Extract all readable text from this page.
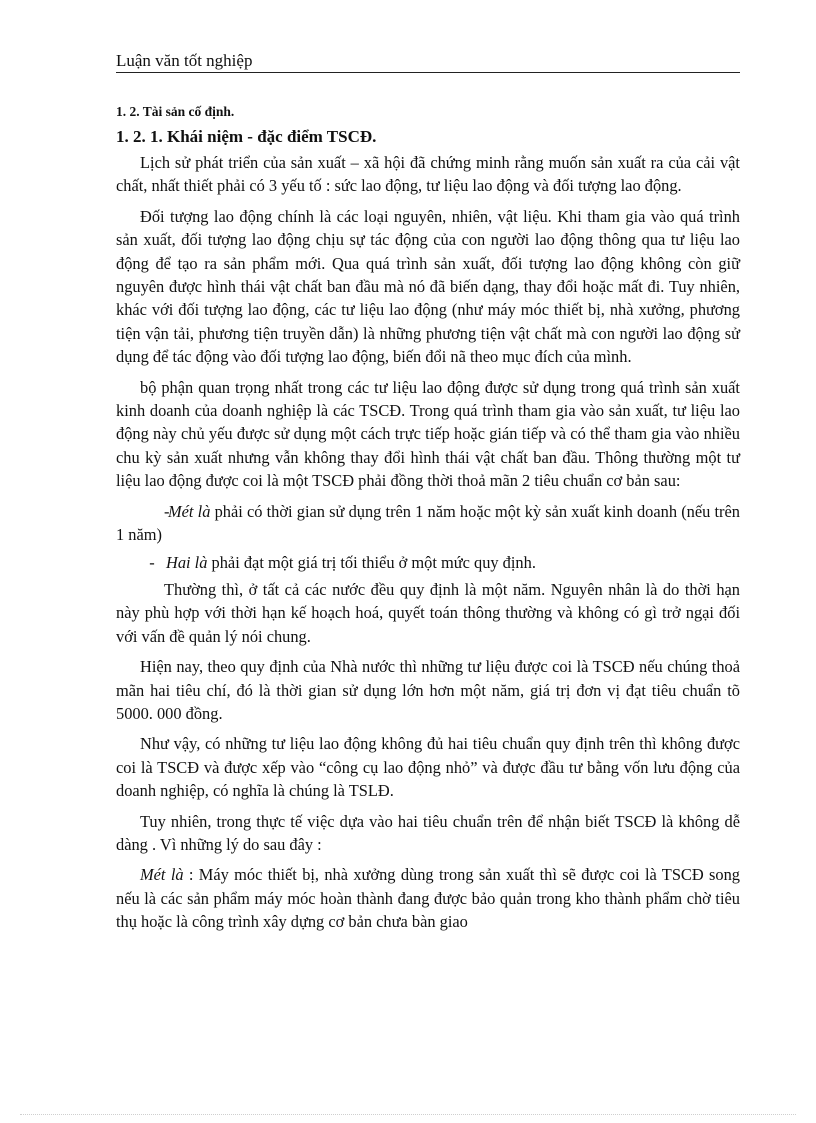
Luận văn tốt nghiệp

1. 2. Tài sản cố định.

1. 2. 1. Khái niệm - đặc điểm TSCĐ.

Lịch sử phát triển của sản xuất – xã hội đã chứng minh rằng muốn sản xuất ra của cải vật chất, nhất thiết phải có 3 yếu tố : sức lao động, tư liệu lao động và đối tượng lao động.

Đối tượng lao động chính là các loại nguyên, nhiên, vật liệu. Khi tham gia vào quá trình sản xuất, đối tượng lao động chịu sự tác động của con người lao động thông qua tư liệu lao động để tạo ra sản phẩm mới. Qua quá trình sản xuất, đối tượng lao động không còn giữ nguyên được hình thái vật chất ban đầu mà nó đã biến dạng, thay đổi hoặc mất đi. Tuy nhiên, khác với đối tượng lao động, các tư liệu lao động (như máy móc thiết bị, nhà xưởng, phương tiện vận tải, phương tiện truyền dẫn) là những phương tiện vật chất mà con người lao động sử dụng để tác động vào đối tượng lao động, biến đổi nã theo mục đích của mình.

bộ phận quan trọng nhất trong các tư liệu lao động được sử dụng trong quá trình sản xuất kinh doanh của doanh nghiệp là các TSCĐ. Trong quá trình tham gia vào sản xuất, tư liệu lao động này chủ yếu được sử dụng một cách trực tiếp hoặc gián tiếp và có thể tham gia vào nhiều chu kỳ sản xuất nhưng vẫn không thay đổi hình thái vật chất ban đầu. Thông thường một tư liệu lao động được coi là một TSCĐ phải đồng thời thoả mãn 2 tiêu chuẩn cơ bản sau:

-Mét là phải có thời gian sử dụng trên 1 năm hoặc một kỳ sản xuất kinh doanh (nếu trên 1 năm)

- Hai là phải đạt một giá trị tối thiểu ở một mức quy định.

Thường thì, ở tất cả các nước đều quy định là một năm. Nguyên nhân là do thời hạn này phù hợp với thời hạn kế hoạch hoá, quyết toán thông thường và không có gì trở ngại đối với vấn đề quản lý nói chung.

Hiện nay, theo quy định của Nhà nước thì những tư liệu được coi là TSCĐ nếu chúng thoả mãn hai tiêu chí, đó là thời gian sử dụng lớn hơn một năm, giá trị đơn vị đạt tiêu chuẩn tõ 5000. 000 đồng.

Như vậy, có những tư liệu lao động không đủ hai tiêu chuẩn quy định trên thì không được coi là TSCĐ và được xếp vào “công cụ lao động nhỏ” và được đầu tư bằng vốn lưu động của doanh nghiệp, có nghĩa là chúng là TSLĐ.

Tuy nhiên, trong thực tế việc dựa vào hai tiêu chuẩn trên để nhận biết TSCĐ là không dễ dàng . Vì những lý do sau đây :

Mét là : Máy móc thiết bị, nhà xưởng dùng trong sản xuất thì sẽ được coi là TSCĐ song nếu là các sản phẩm máy móc hoàn thành đang được bảo quản trong kho thành phẩm chờ tiêu thụ hoặc là công trình xây dựng cơ bản chưa bàn giao
